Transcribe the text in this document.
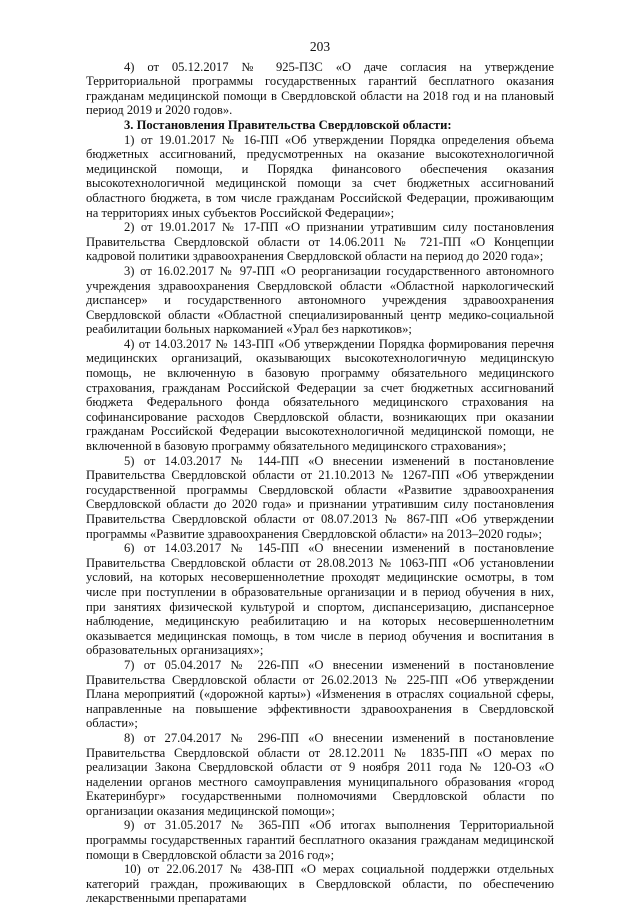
203

4) от 05.12.2017 № 925-ПЗС «О даче согласия на утверждение Территориальной программы государственных гарантий бесплатного оказания гражданам медицинской помощи в Свердловской области на 2018 год и на плановый период 2019 и 2020 годов».

3. Постановления Правительства Свердловской области:

1) от 19.01.2017 № 16-ПП «Об утверждении Порядка определения объема бюджетных ассигнований, предусмотренных на оказание высокотехнологичной медицинской помощи, и Порядка финансового обеспечения оказания высокотехнологичной медицинской помощи за счет бюджетных ассигнований областного бюджета, в том числе гражданам Российской Федерации, проживающим на территориях иных субъектов Российской Федерации»;

2) от 19.01.2017 № 17-ПП «О признании утратившим силу постановления Правительства Свердловской области от 14.06.2011 № 721-ПП «О Концепции кадровой политики здравоохранения Свердловской области на период до 2020 года»;

3) от 16.02.2017 № 97-ПП «О реорганизации государственного автономного учреждения здравоохранения Свердловской области «Областной наркологический диспансер» и государственного автономного учреждения здравоохранения Свердловской области «Областной специализированный центр медико-социальной реабилитации больных наркоманией «Урал без наркотиков»;

4) от 14.03.2017 № 143-ПП «Об утверждении Порядка формирования перечня медицинских организаций, оказывающих высокотехнологичную медицинскую помощь, не включенную в базовую программу обязательного медицинского страхования, гражданам Российской Федерации за счет бюджетных ассигнований бюджета Федерального фонда обязательного медицинского страхования на софинансирование расходов Свердловской области, возникающих при оказании гражданам Российской Федерации высокотехнологичной медицинской помощи, не включенной в базовую программу обязательного медицинского страхования»;

5) от 14.03.2017 № 144-ПП «О внесении изменений в постановление Правительства Свердловской области от 21.10.2013 № 1267-ПП «Об утверждении государственной программы Свердловской области «Развитие здравоохранения Свердловской области до 2020 года» и признании утратившим силу постановления Правительства Свердловской области от 08.07.2013 № 867-ПП «Об утверждении программы «Развитие здравоохранения Свердловской области» на 2013–2020 годы»;

6) от 14.03.2017 № 145-ПП «О внесении изменений в постановление Правительства Свердловской области от 28.08.2013 № 1063-ПП «Об установлении условий, на которых несовершеннолетние проходят медицинские осмотры, в том числе при поступлении в образовательные организации и в период обучения в них, при занятиях физической культурой и спортом, диспансеризацию, диспансерное наблюдение, медицинскую реабилитацию и на которых несовершеннолетним оказывается медицинская помощь, в том числе в период обучения и воспитания в образовательных организациях»;

7) от 05.04.2017 № 226-ПП «О внесении изменений в постановление Правительства Свердловской области от 26.02.2013 № 225-ПП «Об утверждении Плана мероприятий («дорожной карты») «Изменения в отраслях социальной сферы, направленные на повышение эффективности здравоохранения в Свердловской области»;

8) от 27.04.2017 № 296-ПП «О внесении изменений в постановление Правительства Свердловской области от 28.12.2011 № 1835-ПП «О мерах по реализации Закона Свердловской области от 9 ноября 2011 года № 120-ОЗ «О наделении органов местного самоуправления муниципального образования «город Екатеринбург» государственными полномочиями Свердловской области по организации оказания медицинской помощи»;

9) от 31.05.2017 № 365-ПП «Об итогах выполнения Территориальной программы государственных гарантий бесплатного оказания гражданам медицинской помощи в Свердловской области за 2016 год»;

10) от 22.06.2017 № 438-ПП «О мерах социальной поддержки отдельных категорий граждан, проживающих в Свердловской области, по обеспечению лекарственными препаратами
